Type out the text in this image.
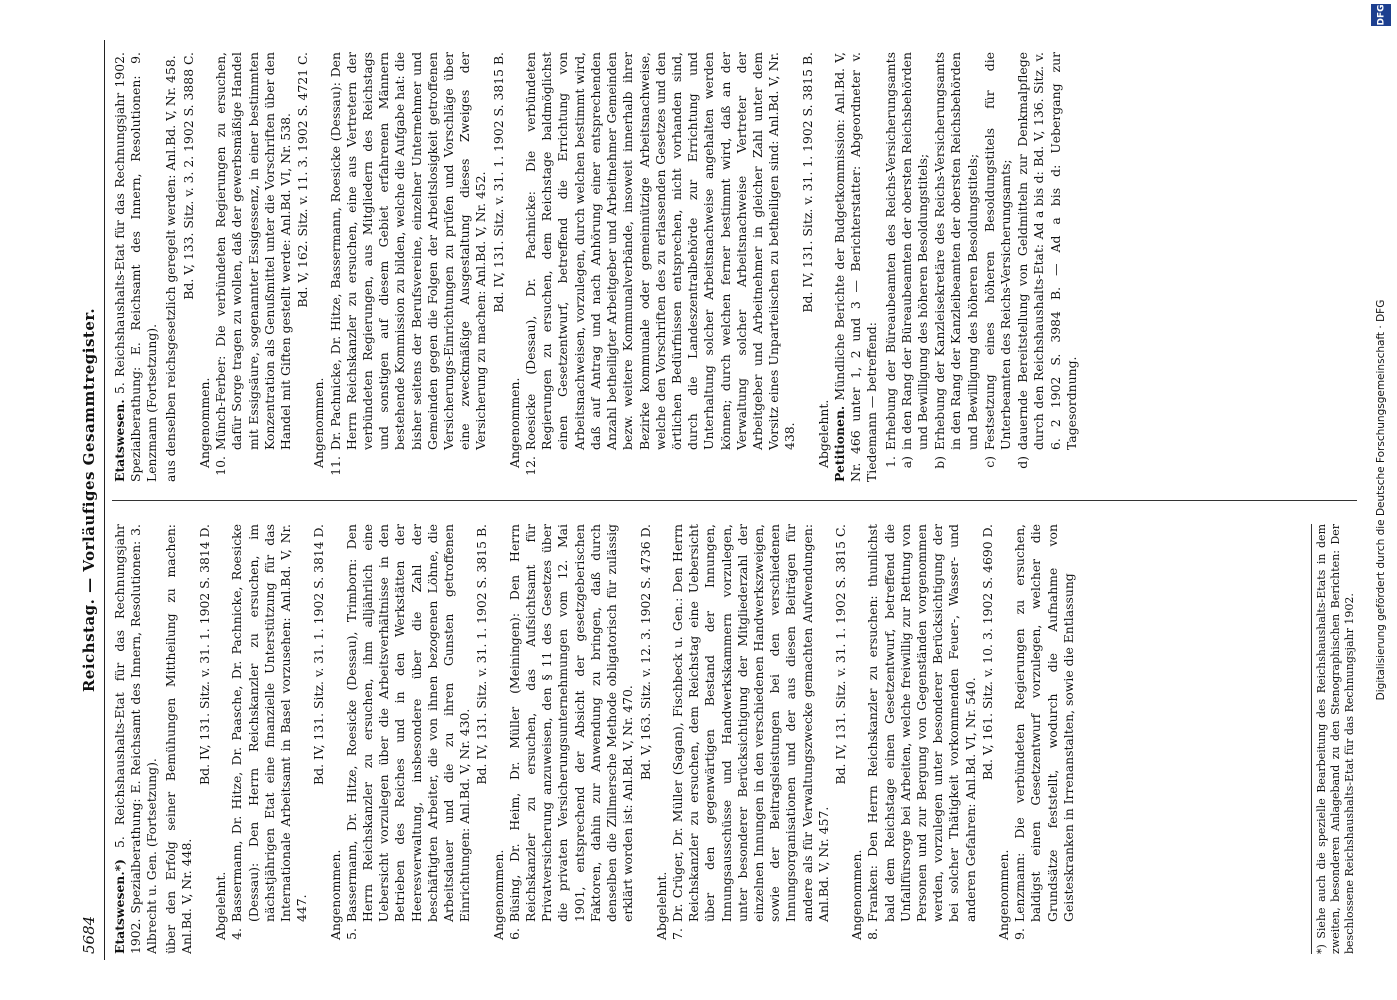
5684
Reichstag. — Vorläufiges Gesammtregister.

Etatswesen.*) 5. Reichshaushalts-Etat für das Rechnungsjahr 1902. Spezialberathung: E. Reichsamt des Innern, Resolutionen: 3. Albrecht u. Gen. (Fortsetzung). über den Erfolg seiner Bemühungen Mittheilung zu machen: Anl.Bd. V, Nr. 448.

Bd. IV, 131. Sitz. v. 31. 1. 1902 S. 3814 D.
Abgelehnt. 4.
Bassermann, Dr. Hitze, Dr. Paasche, Dr. Pachnicke, Roesicke (Dessau): Den Herrn Reichskanzler zu ersuchen, im nächstjährigen Etat eine finanzielle Unterstützung für das Internationale Arbeitsamt in Basel vorzusehen: Anl.Bd. V, Nr. 447.
Bd. IV, 131. Sitz. v. 31. 1. 1902 S. 3814 D.
Angenommen. 5.
Bassermann, Dr. Hitze, Roesicke (Dessau), Trimborn: Den Herrn Reichskanzler zu ersuchen, ihm alljährlich eine Uebersicht vorzulegen über die Arbeitsverhältnisse in den Betrieben des Reiches und in den Werkstätten der Heeresverwaltung, insbesondere über die Zahl der beschäftigten Arbeiter, die von ihnen bezogenen Löhne, die Arbeitsdauer und die zu ihren Gunsten getroffenen Einrichtungen: Anl.Bd. V, Nr. 430.
Bd. IV, 131. Sitz. v. 31. 1. 1902 S. 3815 B.
Angenommen. 6.
Büsing, Dr. Heim, Dr. Müller (Meiningen): Den Herrn Reichskanzler zu ersuchen, das Aufsichtsamt für Privatversicherung anzuweisen, den § 11 des Gesetzes über die privaten Versicherungsunternehmungen vom 12. Mai 1901, entsprechend der Absicht der gesetzgeberischen Faktoren, dahin zur Anwendung zu bringen, daß durch denselben die Zillmersche Methode obligatorisch für zulässig erklärt worden ist: Anl.Bd. V, Nr. 470.
Bd. V, 163. Sitz. v. 12. 3. 1902 S. 4736 D.
Abgelehnt. 7.
Dr. Crüger, Dr. Müller (Sagan), Fischbeck u. Gen.: Den Herrn Reichskanzler zu ersuchen, dem Reichstag eine Uebersicht über den gegenwärtigen Bestand der Innungen, Innungsausschüsse und Handwerkskammern vorzulegen, unter besonderer Berücksichtigung der Mitgliederzahl der einzelnen Innungen in den verschiedenen Handwerkszweigen, sowie der Beitragsleistungen bei den verschiedenen Innungsorganisationen und der aus diesen Beiträgen für andere als für Verwaltungszwecke gemachten Aufwendungen: Anl.Bd. V, Nr. 457.
Bd. IV, 131. Sitz. v. 31. 1. 1902 S. 3815 C.
Angenommen. 8.
Franken: Den Herrn Reichskanzler zu ersuchen: thunlichst bald dem Reichstage einen Gesetzentwurf, betreffend die Unfallfürsorge bei Arbeiten, welche freiwillig zur Rettung von Personen und zur Bergung von Gegenständen vorgenommen werden, vorzulegen unter besonderer Berücksichtigung der bei solcher Thätigkeit vorkommenden Feuer-, Wasser- und anderen Gefahren: Anl.Bd. VI, Nr. 540.
Bd. V, 161. Sitz. v. 10. 3. 1902 S. 4690 D.
Angenommen. 9.
Lenzmann: Die verbündeten Regierungen zu ersuchen, baldigst einen Gesetzentwurf vorzulegen, welcher die Grundsätze feststellt, wodurch die Aufnahme von Geisteskranken in Irrenanstalten, sowie die Entlassung	*) Siehe auch die spezielle Bearbeitung des Reichshaushalts-Etats in dem zweiten, besonderen Anlageband zu den Stenographischen Berichten: Der beschlossene Reichshaushalts-Etat für das Rechnungsjahr 1902.

Etatswesen. 5. Reichshaushalts-Etat für das Rechnungsjahr 1902. Spezialberathung: E. Reichsamt des Innern, Resolutionen: 9. Lenzmann (Fortsetzung). aus denselben reichsgesetzlich geregelt werden: Anl.Bd. V, Nr. 458. Bd. V, 133. Sitz. v. 3. 2. 1902 S. 3888 C.
Angenommen. 10.
Münch-Ferber: Die verbündeten Regierungen zu ersuchen, dafür Sorge tragen zu wollen, daß der gewerbsmäßige Handel mit Essigsäure, sogenannter Essigessenz, in einer bestimmten Konzentration als Genußmittel unter die Vorschriften über den Handel mit Giften gestellt werde: Anl.Bd. VI, Nr. 538. Bd. V, 162. Sitz. v. 11. 3. 1902 S. 4721 C.
Angenommen. 11.
Dr. Pachnicke, Dr. Hitze, Bassermann, Roesicke (Dessau): Den Herrn Reichskanzler zu ersuchen, eine aus Vertretern der verbündeten Regierungen, aus Mitgliedern des Reichstags und sonstigen auf diesem Gebiet erfahrenen Männern bestehende Kommission zu bilden, welche die Aufgabe hat: die bisher seitens der Berufsvereine, einzelner Unternehmer und Gemeinden gegen die Folgen der Arbeitslosigkeit getroffenen Versicherungs-Einrichtungen zu prüfen und Vorschläge über eine zweckmäßige Ausgestaltung dieses Zweiges der Versicherung zu machen: Anl.Bd. V, Nr. 452. Bd. IV, 131. Sitz. v. 31. 1. 1902 S. 3815 B.
Angenommen. 12.
Roesicke (Dessau), Dr. Pachnicke: Die verbündeten Regierungen zu ersuchen, dem Reichstage baldmöglichst einen Gesetzentwurf, betreffend die Errichtung von Arbeitsnachweisen, vorzulegen, durch welchen bestimmt wird, daß auf Antrag und nach Anhörung einer entsprechenden Anzahl betheiligter Arbeitgeber und Arbeitnehmer Gemeinden bezw. weitere Kommunalverbände, insoweit innerhalb ihrer Bezirke kommunale oder gemeinnützige Arbeitsnachweise, welche den Vorschriften des zu erlassenden Gesetzes und den örtlichen Bedürfnissen entsprechen, nicht vorhanden sind, durch die Landeszentralbehörde zur Errichtung und Unterhaltung solcher Arbeitsnachweise angehalten werden können; durch welchen ferner bestimmt wird, daß an der Verwaltung solcher Arbeitsnachweise Vertreter der Arbeitgeber und Arbeitnehmer in gleicher Zahl unter dem Vorsitz eines Unparteiischen zu betheiligen sind: Anl.Bd. V, Nr. 438.
Bd. IV, 131. Sitz. v. 31. 1. 1902 S. 3815 B.
Abgelehnt. Petitionen. Mündliche Berichte der Budgetkommission: Anl.Bd. V, Nr. 466 unter 1, 2 und 3 — Berichterstatter: Abgeordneter v. Tiedemann — betreffend: 1. a)
Erhebung der Büreaubeamten des Reichs-Versicherungsamts in den Rang der Büreaubeamten der obersten Reichsbehörden und Bewilligung des höheren Besoldungstitels;
b)
Erhebung der Kanzleisekretäre des Reichs-Versicherungsamts in den Rang der Kanzleibeamten der obersten Reichsbehörden und Bewilligung des höheren Besoldungstitels;
c)
Festsetzung eines höheren Besoldungstitels für die Unterbeamten des Reichs-Versicherungsamts;
d)
dauernde Bereitstellung von Geldmitteln zur Denkmalpflege durch den Reichshaushalts-Etat: Ad a bis d: Bd. V, 136. Sitz. v. 6. 2 1902 S. 3984 B. — Ad a bis d: Uebergang zur Tagesordnung.	Digitalisierung gefördert durch die Deutsche Forschungsgemeinschaft · DFG
DFG
